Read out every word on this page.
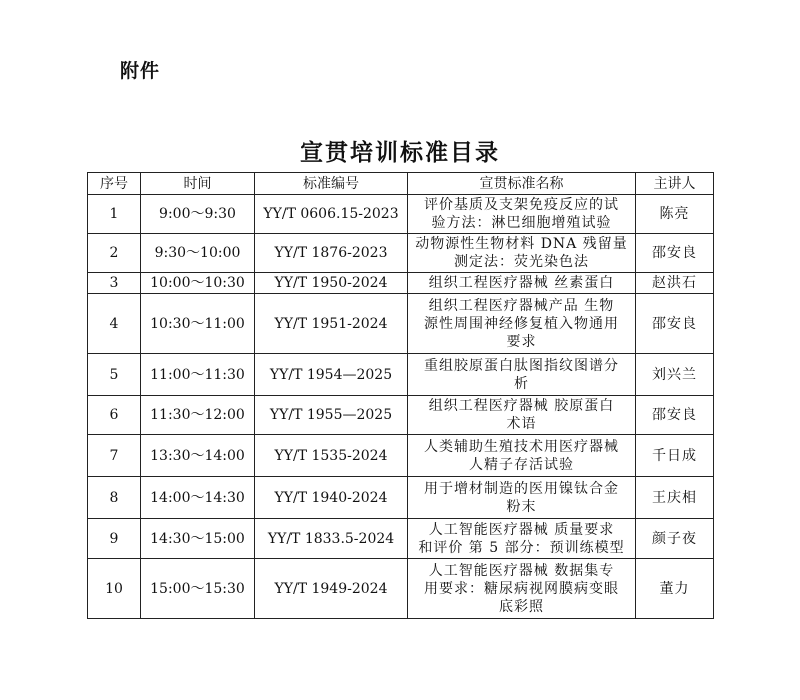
附件
宣贯培训标准目录
序号	时间	标准编号	宣贯标准名称	主讲人
1	9:00～9:30	YY/T 0606.15-2023	评价基质及支架免疫反应的试
验方法：淋巴细胞增殖试验	陈亮
2	9:30～10:00	YY/T 1876-2023	动物源性生物材料 DNA 残留量
测定法：荧光染色法	邵安良
3	10:00～10:30	YY/T 1950-2024	组织工程医疗器械 丝素蛋白	赵洪石
4	10:30～11:00	YY/T 1951-2024	组织工程医疗器械产品 生物
源性周围神经修复植入物通用
要求	邵安良
5	11:00～11:30	YY/T 1954—2025	重组胶原蛋白肽图指纹图谱分
析	刘兴兰
6	11:30～12:00	YY/T 1955—2025	组织工程医疗器械 胶原蛋白
术语	邵安良
7	13:30～14:00	YY/T 1535-2024	人类辅助生殖技术用医疗器械
人精子存活试验	千日成
8	14:00～14:30	YY/T 1940-2024	用于增材制造的医用镍钛合金
粉末	王庆相
9	14:30～15:00	YY/T 1833.5-2024	人工智能医疗器械 质量要求
和评价 第 5 部分：预训练模型	颜子夜
10	15:00～15:30	YY/T 1949-2024	人工智能医疗器械 数据集专
用要求：糖尿病视网膜病变眼
底彩照	董力
